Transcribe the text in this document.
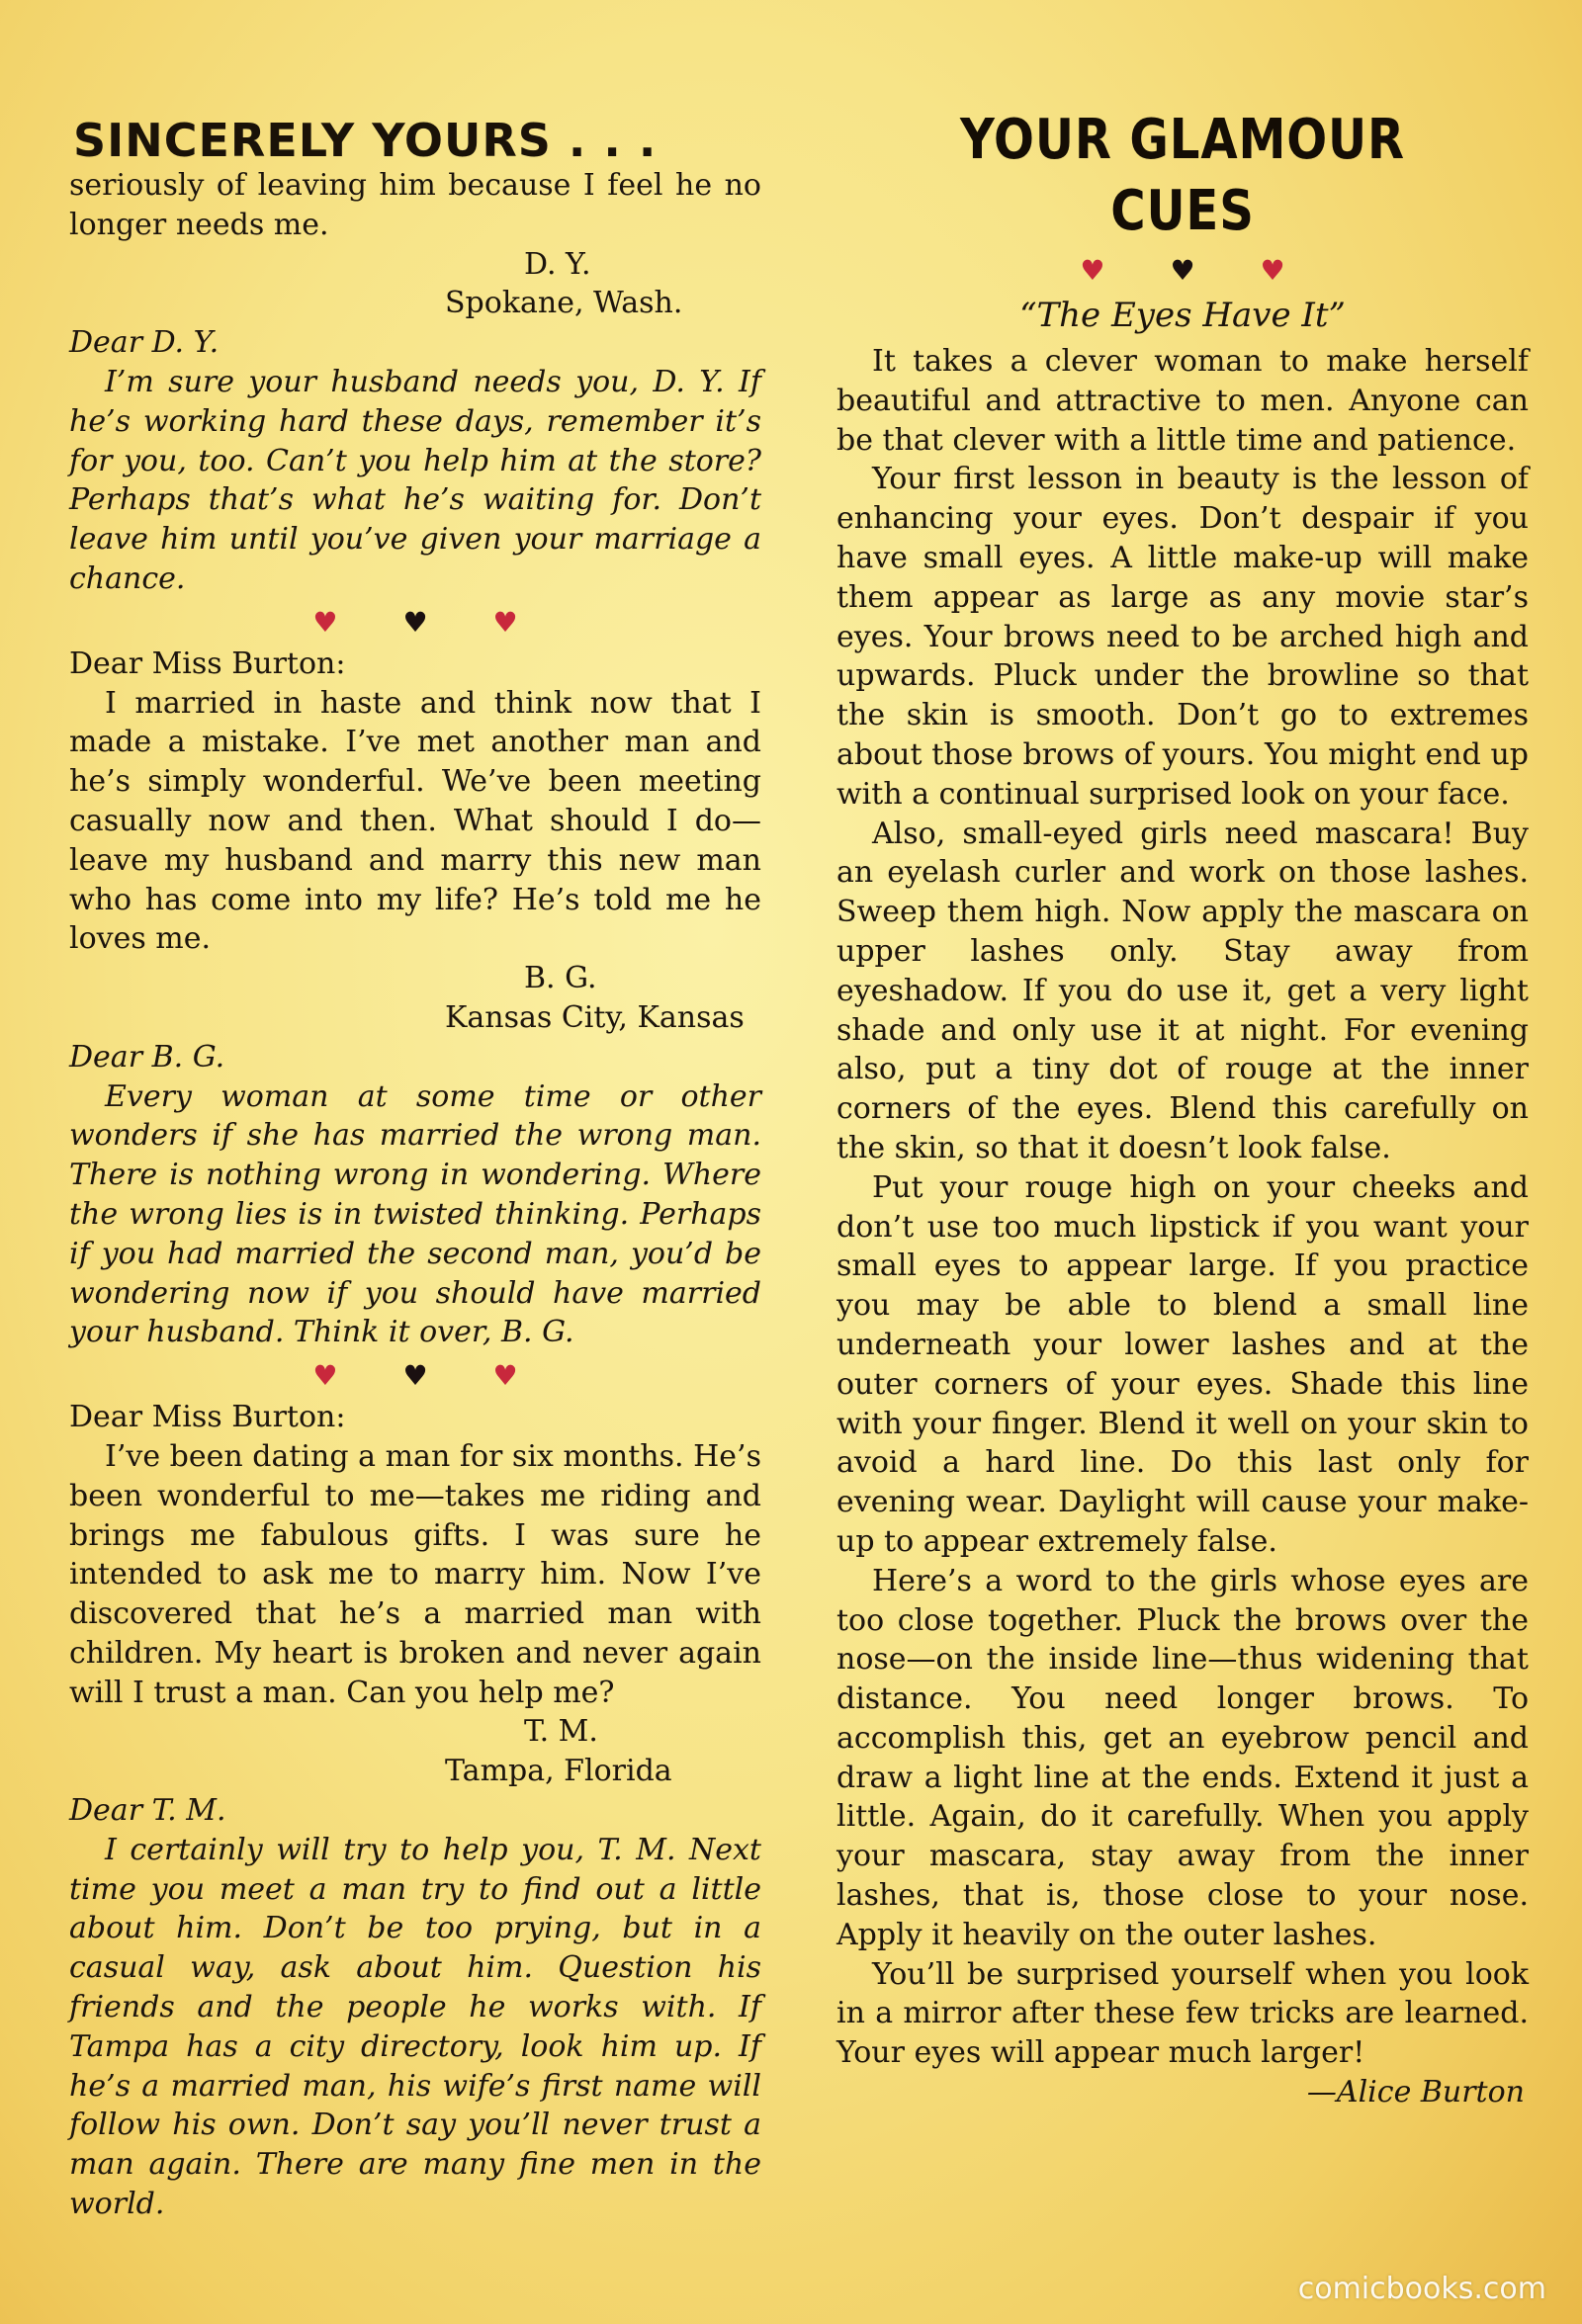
SINCERELY YOURS . . .

seriously of leaving him because I feel he no longer needs me.

D. Y.

Spokane, Wash.

Dear D. Y.

I’m sure your husband needs you, D. Y. If he’s working hard these days, remember it’s for you, too. Can’t you help him at the store? Perhaps that’s what he’s waiting for. Don’t leave him until you’ve given your marriage a chance.

♥ ♥ ♥

Dear Miss Burton:

I married in haste and think now that I made a mistake. I’ve met another man and he’s simply wonderful. We’ve been meeting casually now and then. What should I do—leave my husband and marry this new man who has come into my life? He’s told me he loves me.

B. G.

Kansas City, Kansas

Dear B. G.

Every woman at some time or other wonders if she has married the wrong man. There is nothing wrong in wondering. Where the wrong lies is in twisted thinking. Perhaps if you had married the second man, you’d be wondering now if you should have married your husband. Think it over, B. G.

♥ ♥ ♥

Dear Miss Burton:

I’ve been dating a man for six months. He’s been wonderful to me—takes me riding and brings me fabulous gifts. I was sure he intended to ask me to marry him. Now I’ve discovered that he’s a married man with children. My heart is broken and never again will I trust a man. Can you help me?

T. M.

Tampa, Florida

Dear T. M.

I certainly will try to help you, T. M. Next time you meet a man try to find out a little about him. Don’t be too prying, but in a casual way, ask about him. Question his friends and the people he works with. If Tampa has a city directory, look him up. If he’s a married man, his wife’s first name will follow his own. Don’t say you’ll never trust a man again. There are many fine men in the world.

YOUR GLAMOUR CUES
♥ ♥ ♥

“The Eyes Have It”

It takes a clever woman to make herself beautiful and attractive to men. Anyone can be that clever with a little time and patience.

Your first lesson in beauty is the lesson of enhancing your eyes. Don’t despair if you have small eyes. A little make-up will make them appear as large as any movie star’s eyes. Your brows need to be arched high and upwards. Pluck under the browline so that the skin is smooth. Don’t go to extremes about those brows of yours. You might end up with a continual surprised look on your face.

Also, small-eyed girls need mascara! Buy an eyelash curler and work on those lashes. Sweep them high. Now apply the mascara on upper lashes only. Stay away from eyeshadow. If you do use it, get a very light shade and only use it at night. For evening also, put a tiny dot of rouge at the inner corners of the eyes. Blend this carefully on the skin, so that it doesn’t look false.

Put your rouge high on your cheeks and don’t use too much lipstick if you want your small eyes to appear large. If you practice you may be able to blend a small line underneath your lower lashes and at the outer corners of your eyes. Shade this line with your finger. Blend it well on your skin to avoid a hard line. Do this last only for evening wear. Daylight will cause your make-up to appear extremely false.

Here’s a word to the girls whose eyes are too close together. Pluck the brows over the nose—on the inside line—thus widening that distance. You need longer brows. To accomplish this, get an eyebrow pencil and draw a light line at the ends. Extend it just a little. Again, do it carefully. When you apply your mascara, stay away from the inner lashes, that is, those close to your nose. Apply it heavily on the outer lashes.

You’ll be surprised yourself when you look in a mirror after these few tricks are learned. Your eyes will appear much larger!

—Alice Burton

comicbooks.com
